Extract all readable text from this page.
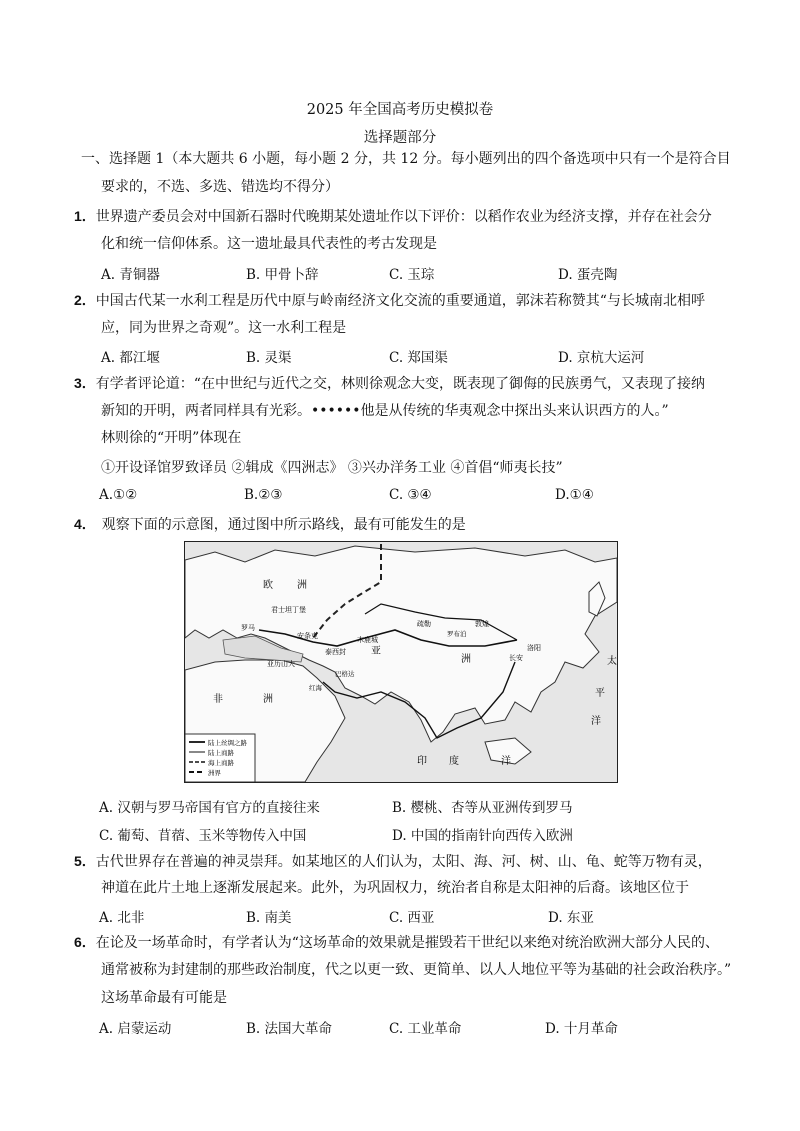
2025 年全国高考历史模拟卷
选择题部分
一、选择题 1（本大题共 6 小题，每小题 2 分，共 12 分。每小题列出的四个备选项中只有一个是符合目
要求的，不选、多选、错选均不得分）
1．世界遗产委员会对中国新石器时代晚期某处遗址作以下评价：以稻作农业为经济支撑，并存在社会分
化和统一信仰体系。这一遗址最具代表性的考古发现是
A. 青铜器	B. 甲骨卜辞	C. 玉琮	D. 蛋壳陶
2．中国古代某一水利工程是历代中原与岭南经济文化交流的重要通道，郭沫若称赞其“与长城南北相呼
应，同为世界之奇观”。这一水利工程是
A. 都江堰	B. 灵渠	C. 郑国渠	D. 京杭大运河
3．有学者评论道：“在中世纪与近代之交，林则徐观念大变，既表现了御侮的民族勇气，又表现了接纳
新知的开明，两者同样具有光彩。••••••他是从传统的华夷观念中探出头来认识西方的人。”
林则徐的“开明”体现在
①开设译馆罗致译员 ②辑成《四洲志》 ③兴办洋务工业 ④首倡“师夷长技”
A.①②	B.②③	C. ③④	D.①④
4． 观察下面的示意图，通过图中所示路线，最有可能发生的是
陆上丝绸之路
陆上商路
海上商路
洲界
欧 洲
亚
洲
非	洲
太
平
洋
印 度	洋
罗马
君士坦丁堡
安条克
亚历山大
泰西封
木鹿城
疏勒	敦煌
长安
洛阳
巴格达
红海
罗布泊
A. 汉朝与罗马帝国有官方的直接往来	B. 樱桃、杏等从亚洲传到罗马
C. 葡萄、苜蓿、玉米等物传入中国	D. 中国的指南针向西传入欧洲
5．古代世界存在普遍的神灵崇拜。如某地区的人们认为，太阳、海、河、树、山、龟、蛇等万物有灵，
神道在此片土地上逐渐发展起来。此外，为巩固权力，统治者自称是太阳神的后裔。该地区位于
A. 北非	B. 南美	C. 西亚	D. 东亚
6．在论及一场革命时，有学者认为“这场革命的效果就是摧毁若干世纪以来绝对统治欧洲大部分人民的、
通常被称为封建制的那些政治制度，代之以更一致、更简单、以人人地位平等为基础的社会政治秩序。”
这场革命最有可能是
A. 启蒙运动	B. 法国大革命	C. 工业革命	D. 十月革命
